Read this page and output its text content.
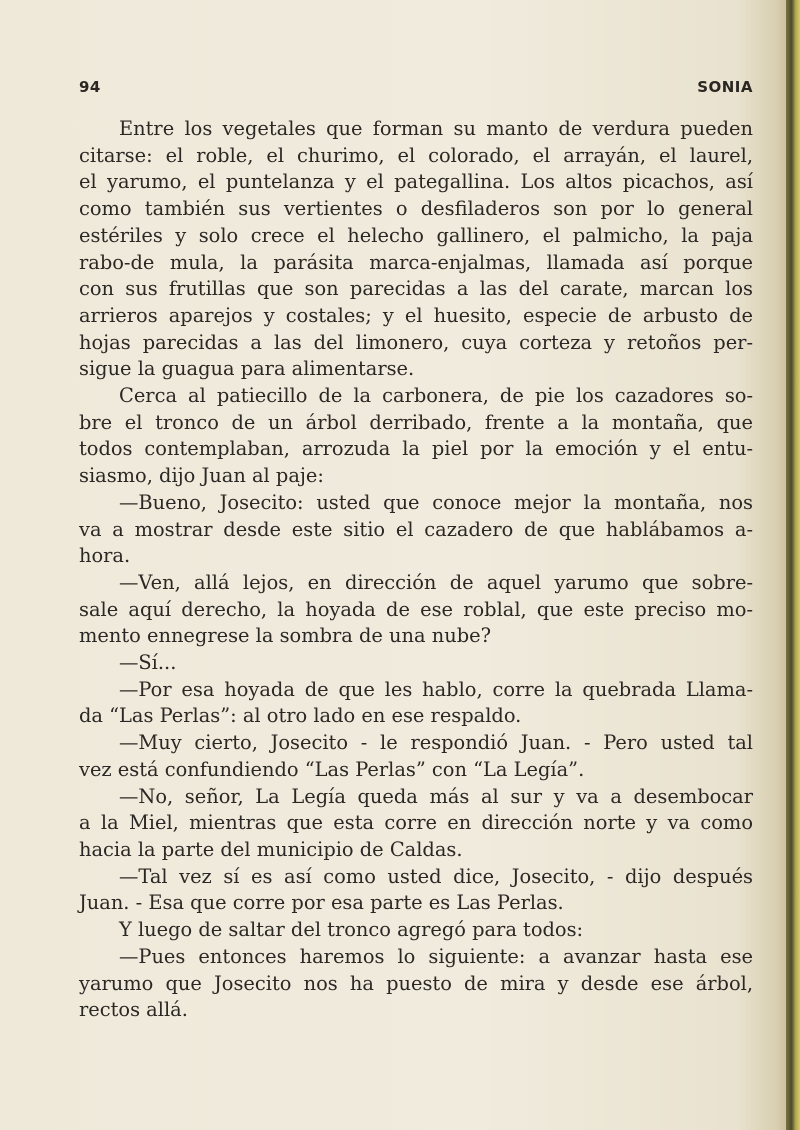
94	SONIA
Entre los vegetales que forman su manto de verdura pueden
citarse: el roble, el churimo, el colorado, el arrayán, el laurel,
el yarumo, el puntelanza y el pategallina. Los altos picachos, así
como también sus vertientes o desfiladeros son por lo general
estériles y solo crece el helecho gallinero, el palmicho, la paja
rabo-de mula, la parásita marca-enjalmas, llamada así porque
con sus frutillas que son parecidas a las del carate, marcan los
arrieros aparejos y costales; y el huesito, especie de arbusto de
hojas parecidas a las del limonero, cuya corteza y retoños per-
sigue la guagua para alimentarse.
Cerca al patiecillo de la carbonera, de pie los cazadores so-
bre el tronco de un árbol derribado, frente a la montaña, que
todos contemplaban, arrozuda la piel por la emoción y el entu-
siasmo, dijo Juan al paje:
—Bueno, Josecito: usted que conoce mejor la montaña, nos
va a mostrar desde este sitio el cazadero de que hablábamos a-
hora.
—Ven, allá lejos, en dirección de aquel yarumo que sobre-
sale aquí derecho, la hoyada de ese roblal, que este preciso mo-
mento ennegrese la sombra de una nube?
—Sí...
—Por esa hoyada de que les hablo, corre la quebrada Llama-
da “Las Perlas”: al otro lado en ese respaldo.
—Muy cierto, Josecito - le respondió Juan. - Pero usted tal
vez está confundiendo “Las Perlas” con “La Legía”.
—No, señor, La Legía queda más al sur y va a desembocar
a la Miel, mientras que esta corre en dirección norte y va como
hacia la parte del municipio de Caldas.
—Tal vez sí es así como usted dice, Josecito, - dijo después
Juan. - Esa que corre por esa parte es Las Perlas.
Y luego de saltar del tronco agregó para todos:
—Pues entonces haremos lo siguiente: a avanzar hasta ese
yarumo que Josecito nos ha puesto de mira y desde ese árbol,
rectos allá.
